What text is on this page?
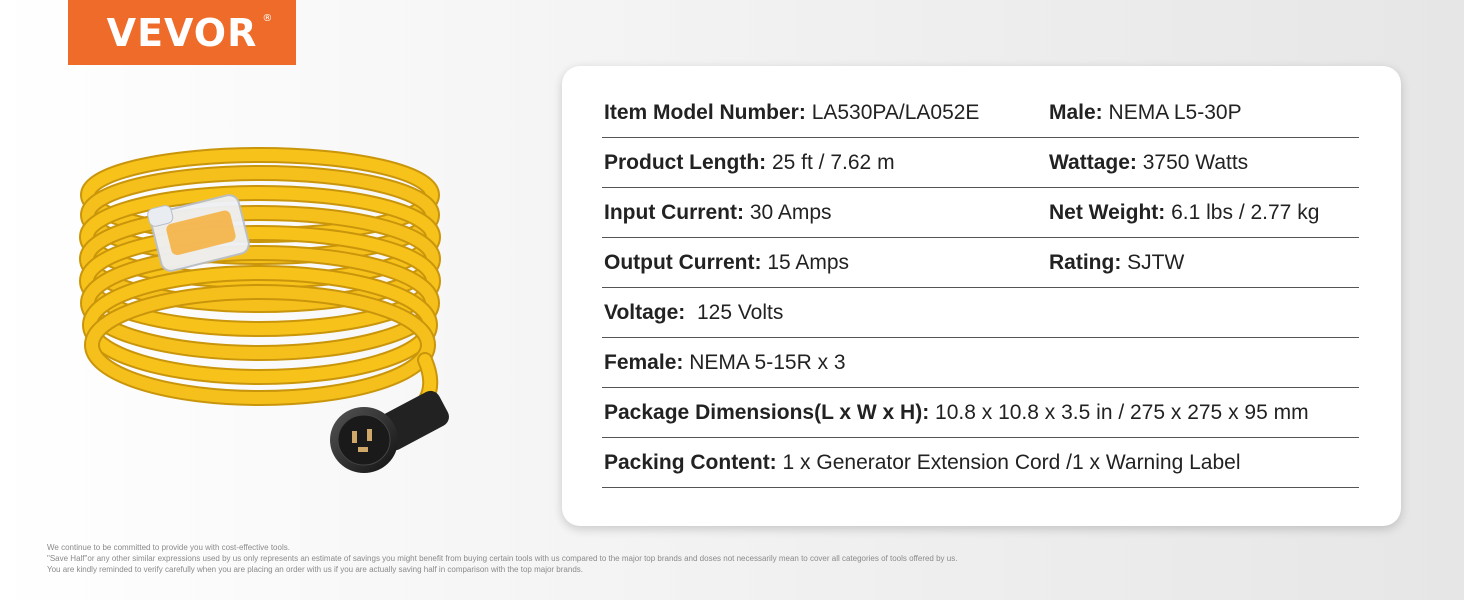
VEVOR ®
Item Model Number: LA530PA/LA052E	Male: NEMA L5-30P
Product Length: 25 ft / 7.62 m	Wattage: 3750 Watts
Input Current: 30 Amps	Net Weight: 6.1 lbs / 2.77 kg
Output Current: 15 Amps	Rating: SJTW
Voltage:  125 Volts
Female: NEMA 5-15R x 3
Package Dimensions(L x W x H): 10.8 x 10.8 x 3.5 in / 275 x 275 x 95 mm
Packing Content: 1 x Generator Extension Cord /1 x Warning Label
We continue to be committed to provide you with cost-effective tools.
"Save Half"or any other similar expressions used by us only represents an estimate of savings you might benefit from buying certain tools with us compared to the major top brands and doses not necessarily mean to cover all categories of tools offered by us.
You are kindly reminded to verify carefully when you are placing an order with us if you are actually saving half in comparison with the top major brands.
